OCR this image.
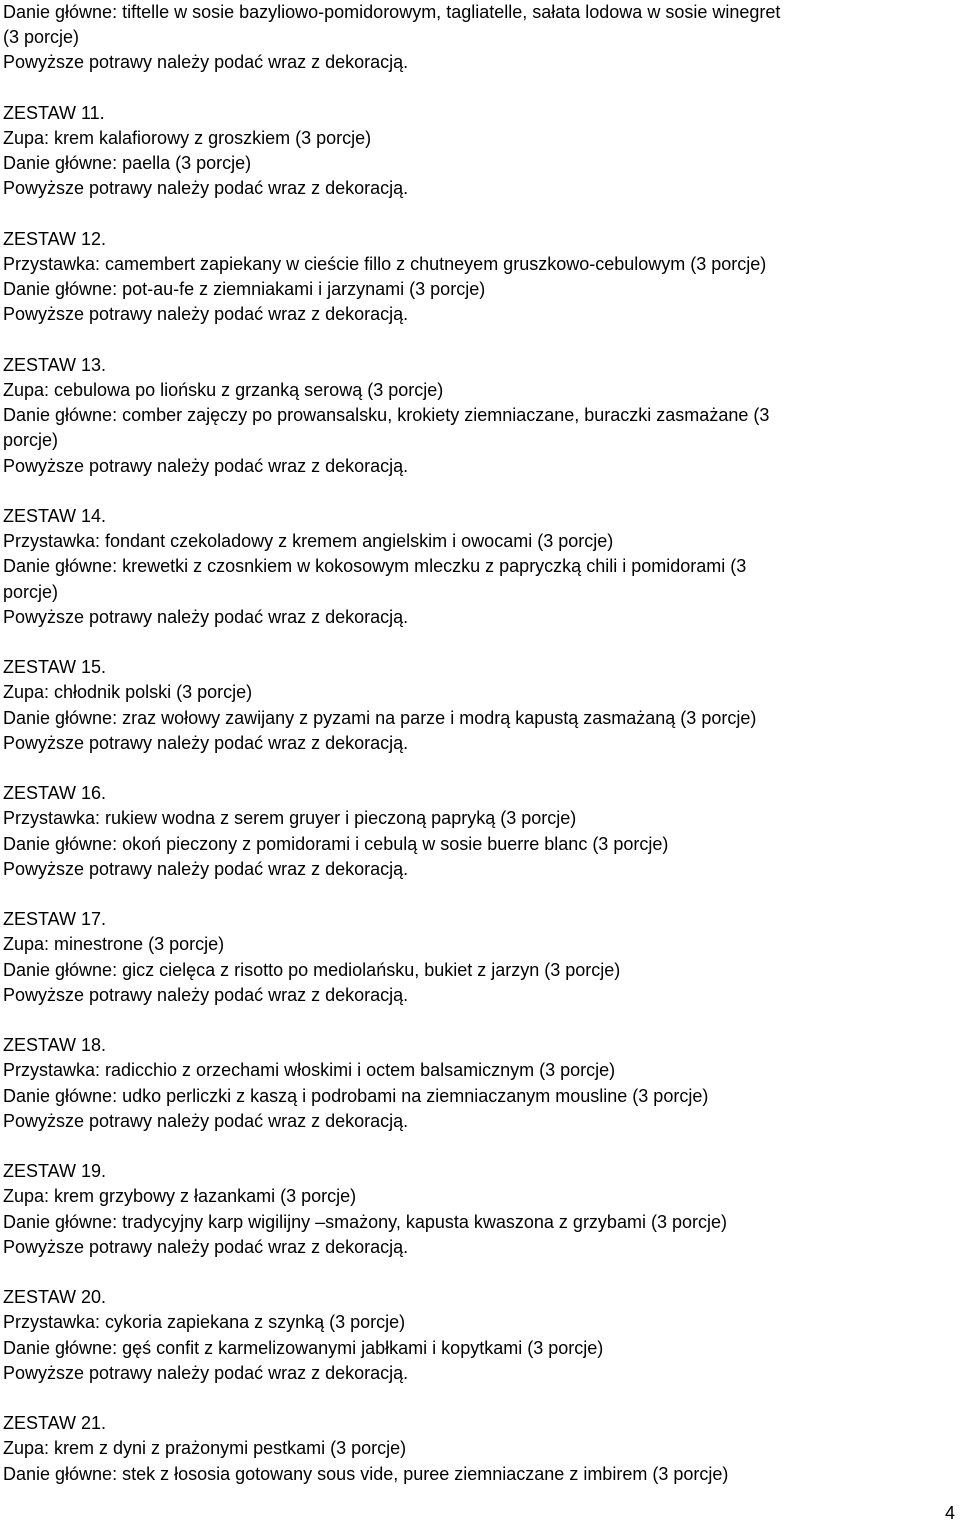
Danie główne: tiftelle w sosie bazyliowo-pomidorowym, tagliatelle, sałata lodowa w sosie winegret
(3 porcje)
Powyższe potrawy należy podać wraz z dekoracją.
ZESTAW 11.
Zupa: krem kalafiorowy z groszkiem (3 porcje)
Danie główne: paella (3 porcje)
Powyższe potrawy należy podać wraz z dekoracją.
ZESTAW 12.
Przystawka: camembert zapiekany w cieście fillo z chutneyem gruszkowo-cebulowym (3 porcje)
Danie główne: pot-au-fe z ziemniakami i jarzynami (3 porcje)
Powyższe potrawy należy podać wraz z dekoracją.
ZESTAW 13.
Zupa: cebulowa po liońsku z grzanką serową (3 porcje)
Danie główne: comber zajęczy po prowansalsku, krokiety ziemniaczane, buraczki zasmażane (3
porcje)
Powyższe potrawy należy podać wraz z dekoracją.
ZESTAW 14.
Przystawka: fondant czekoladowy z kremem angielskim i owocami (3 porcje)
Danie główne: krewetki z czosnkiem w kokosowym mleczku z papryczką chili i pomidorami (3
porcje)
Powyższe potrawy należy podać wraz z dekoracją.
ZESTAW 15.
Zupa: chłodnik polski (3 porcje)
Danie główne: zraz wołowy zawijany z pyzami na parze i modrą kapustą zasmażaną (3 porcje)
Powyższe potrawy należy podać wraz z dekoracją.
ZESTAW 16.
Przystawka: rukiew wodna z serem gruyer i pieczoną papryką (3 porcje)
Danie główne: okoń pieczony z pomidorami i cebulą w sosie buerre blanc (3 porcje)
Powyższe potrawy należy podać wraz z dekoracją.
ZESTAW 17.
Zupa: minestrone (3 porcje)
Danie główne: gicz cielęca z risotto po mediolańsku, bukiet z jarzyn (3 porcje)
Powyższe potrawy należy podać wraz z dekoracją.
ZESTAW 18.
Przystawka: radicchio z orzechami włoskimi i octem balsamicznym (3 porcje)
Danie główne: udko perliczki z kaszą i podrobami na ziemniaczanym mousline (3 porcje)
Powyższe potrawy należy podać wraz z dekoracją.
ZESTAW 19.
Zupa: krem grzybowy z łazankami (3 porcje)
Danie główne: tradycyjny karp wigilijny –smażony, kapusta kwaszona z grzybami (3 porcje)
Powyższe potrawy należy podać wraz z dekoracją.
ZESTAW 20.
Przystawka: cykoria zapiekana z szynką (3 porcje)
Danie główne: gęś confit z karmelizowanymi jabłkami i kopytkami (3 porcje)
Powyższe potrawy należy podać wraz z dekoracją.
ZESTAW 21.
Zupa: krem z dyni z prażonymi pestkami (3 porcje)
Danie główne: stek z łososia gotowany sous vide, puree ziemniaczane z imbirem (3 porcje)
4
